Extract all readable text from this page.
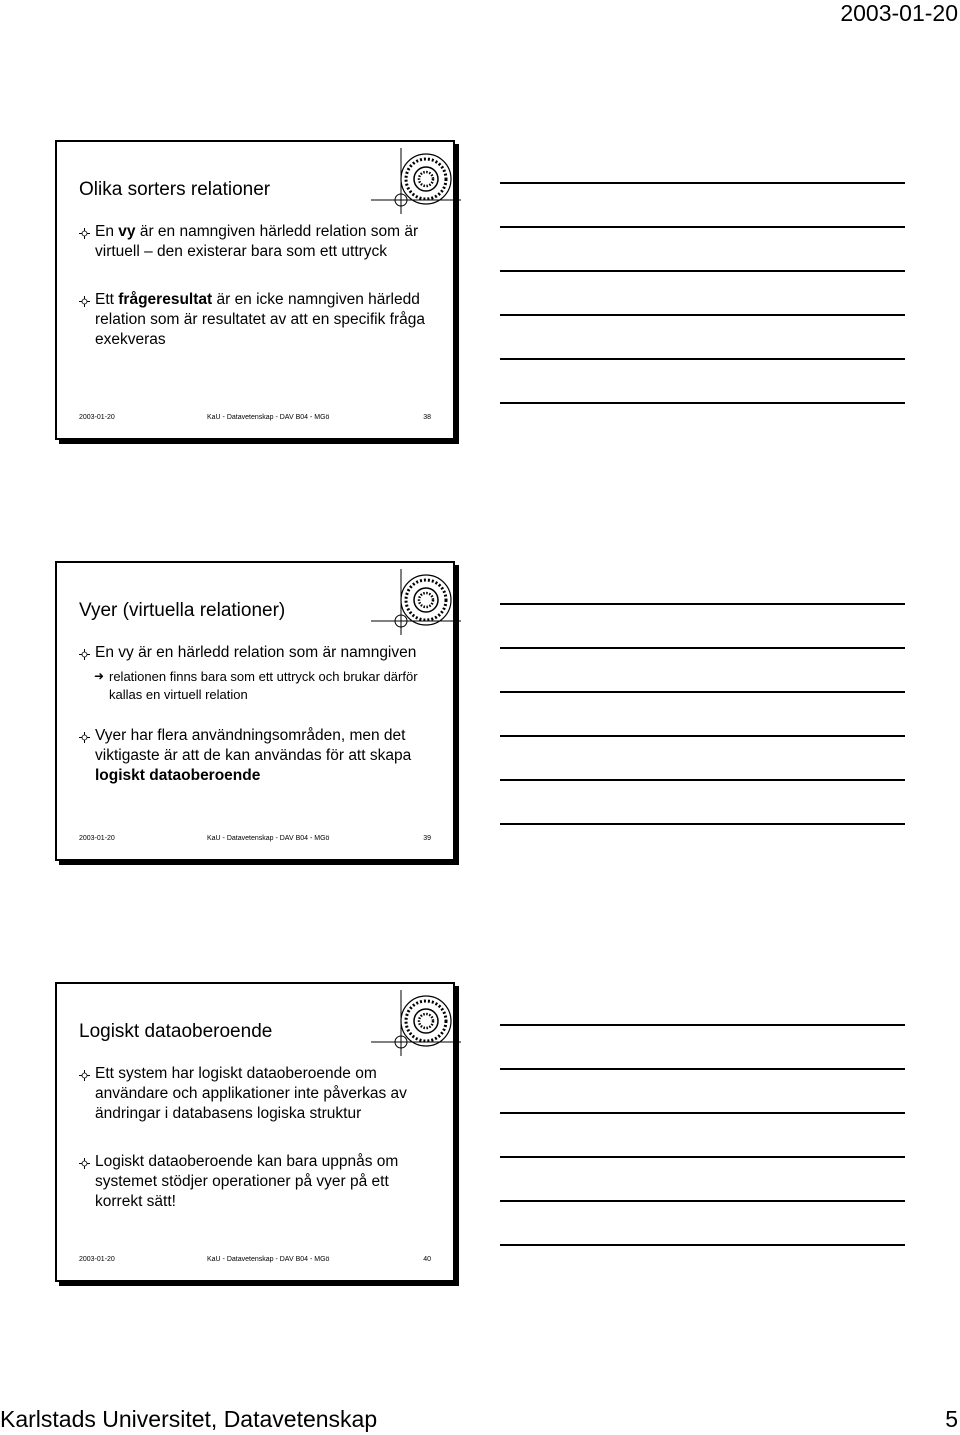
2003-01-20
Olika sorters relationer
En vy är en namngiven härledd relation som är virtuell – den existerar bara som ett uttryck
Ett frågeresultat är en icke namngiven härledd relation som är resultatet av att en specifik fråga exekveras
2003-01-20	KaU - Datavetenskap - DAV B04 - MGö	38
Vyer (virtuella relationer)
En vy är en härledd relation som är namngiven
➜ relationen finns bara som ett uttryck och brukar därför kallas en virtuell relation
Vyer har flera användningsområden, men det viktigaste är att de kan användas för att skapa logiskt dataoberoende
2003-01-20	KaU - Datavetenskap - DAV B04 - MGö	39
Logiskt dataoberoende
Ett system har logiskt dataoberoende om användare och applikationer inte påverkas av ändringar i databasens logiska struktur
Logiskt dataoberoende kan bara uppnås om systemet stödjer operationer på vyer på ett korrekt sätt!
2003-01-20	KaU - Datavetenskap - DAV B04 - MGö	40
Karlstads Universitet, Datavetenskap	5
